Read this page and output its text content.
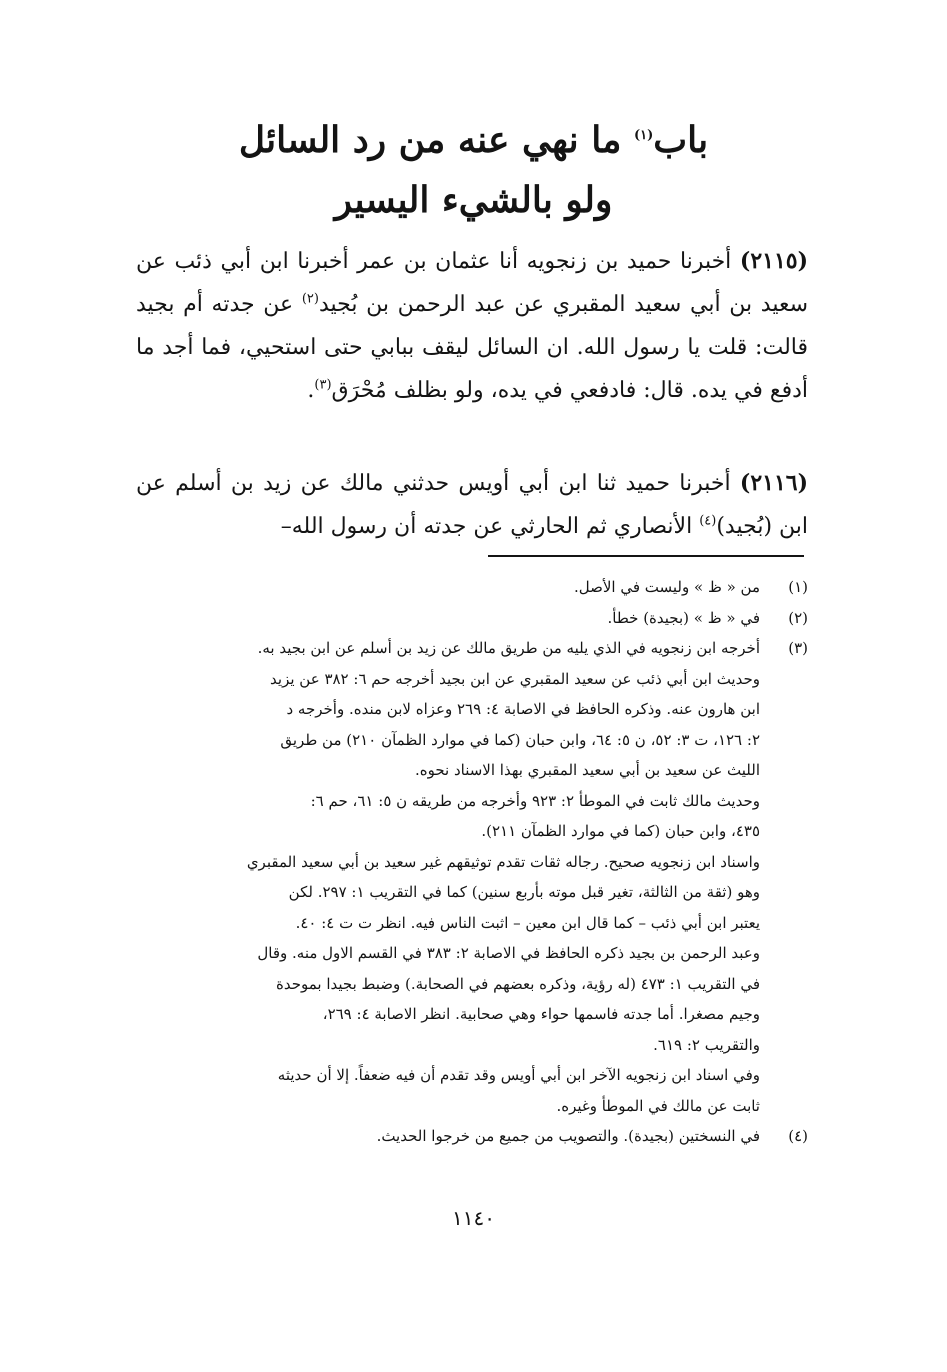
باب$^{(١)}$ ما نهي عنه من رد السائل
ولو بالشيء اليسير
(٢١١٥) أخبرنا حميد بن زنجويه أنا عثمان بن عمر أخبرنا ابن أبي ذئب عن سعيد بن أبي سعيد المقبري عن عبد الرحمن بن بُجيد$^{(٢)}$ عن جدته أم بجيد قالت: قلت يا رسول الله. ان السائل ليقف ببابي حتى استحيي، فما أجد ما أدفع في يده. قال: فادفعي في يده، ولو بظلف مُحْرَق$^{(٣)}$.
(٢١١٦) أخبرنا حميد ثنا ابن أبي أويس حدثني مالك عن زيد بن أسلم عن ابن (بُجيد)$^{(٤)}$ الأنصاري ثم الحارثي عن جدته أن رسول الله–
(١)
من « ظ » وليست في الأصل.
(٢)
في « ظ » (بجيدة) خطأ.
(٣)
أخرجه ابن زنجويه في الذي يليه من طريق مالك عن زيد بن أسلم عن ابن بجيد به.
وحديث ابن أبي ذئب عن سعيد المقبري عن ابن بجيد أخرجه حم ٦: ٣٨٢ عن يزيد
ابن هارون عنه. وذكره الحافظ في الاصابة ٤: ٢٦٩ وعزاه لابن منده. وأخرجه د
٢: ١٢٦، ت ٣: ٥٢، ن ٥: ٦٤، وابن حبان (كما في موارد الظمآن ٢١٠) من طريق
الليث عن سعيد بن أبي سعيد المقبري بهذا الاسناد نحوه.
وحديث مالك ثابت في الموطأ ٢: ٩٢٣ وأخرجه من طريقه ن ٥: ٦١، حم ٦:
٤٣٥، وابن حبان (كما في موارد الظمآن ٢١١).
واسناد ابن زنجويه صحيح. رجاله ثقات تقدم توثيقهم غير سعيد بن أبي سعيد المقبري
وهو (ثقة من الثالثة، تغير قبل موته بأربع سنين) كما في التقريب ١: ٢٩٧. لكن
يعتبر ابن أبي ذئب – كما قال ابن معين – اثبت الناس فيه. انظر ت ت ٤: ٤٠.
وعبد الرحمن بن بجيد ذكره الحافظ في الاصابة ٢: ٣٨٣ في القسم الاول منه. وقال
في التقريب ١: ٤٧٣ (له رؤية، وذكره بعضهم في الصحابة.) وضبط بجيدا بموحدة
وجيم مصغرا. أما جدته فاسمها حواء وهي صحابية. انظر الاصابة ٤: ٢٦٩،
والتقريب ٢: ٦١٩.
وفي اسناد ابن زنجويه الآخر ابن أبي أويس وقد تقدم أن فيه ضعفاً. إلا أن حديثه
ثابت عن مالك في الموطأ وغيره.
(٤)
في النسختين (بجيدة). والتصويب من جميع من خرجوا الحديث.
١١٤٠
